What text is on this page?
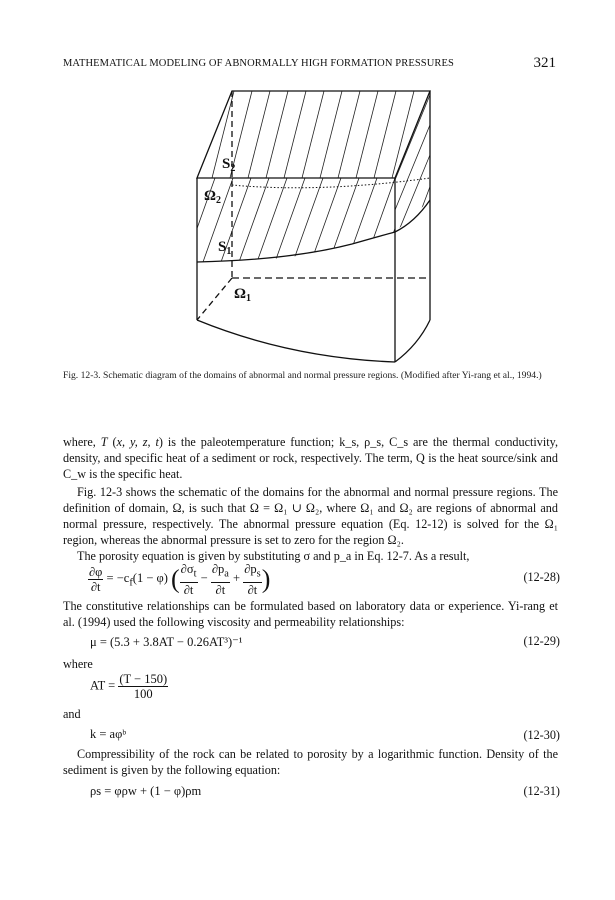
MATHEMATICAL MODELING OF ABNORMALLY HIGH FORMATION PRESSURES	321
$S_2$
$\Omega_2$
$S_1$
$\Omega_1$
Fig. 12-3. Schematic diagram of the domains of abnormal and normal pressure regions. (Modified after Yi-rang et al., 1994.)

where, T (x, y, z, t) is the paleotemperature function; k_s, ρ_s, C_s are the thermal conductivity, density, and specific heat of a sediment or rock, respectively. The term, Q is the heat source/sink and C_w is the specific heat.

Fig. 12-3 shows the schematic of the domains for the abnormal and normal pressure regions. The definition of domain, Ω, is such that Ω = Ω₁ ∪ Ω₂, where Ω₁ and Ω₂ are regions of abnormal and normal pressure, respectively. The abnormal pressure equation (Eq. 12-12) is solved for the Ω₁ region, whereas the abnormal pressure is set to zero for the region Ω₂.

The porosity equation is given by substituting σ and p_a in Eq. 12-7. As a result,

$\frac{\partial\varphi}{\partial t} = -c_f(1 - \varphi)$ ( $\frac{\partial\sigma_t}{\partial t} - \frac{\partial p_a}{\partial t} + \frac{\partial p_s}{\partial t}$ )	(12-28)

The constitutive relationships can be formulated based on laboratory data or experience. Yi-rang et al. (1994) used the following viscosity and permeability relationships:

μ = (5.3 + 3.8AT − 0.26AT³)⁻¹	(12-29)

where

AT = $\frac{(T - 150)}{100}$

and

k = aφᵇ	(12-30)

Compressibility of the rock can be related to porosity by a logarithmic function. Density of the sediment is given by the following equation:

ρs = φρw + (1 − φ)ρm	(12-31)
